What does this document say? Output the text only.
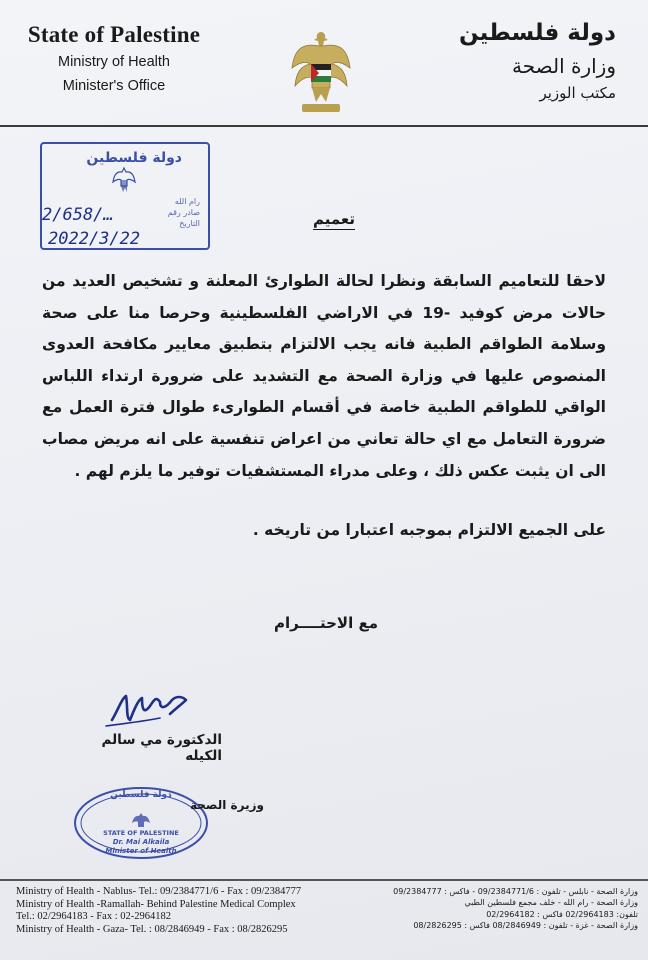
State of Palestine
Ministry of Health
Minister's Office
دولة فلسطين
وزارة الصحة
مكتب الوزير
دولة فلسطين
رام الله
صادر رقم
التاريخ
2/658/…
2022/3/22
تعميم
لاحقا للتعاميم السابقة ونظرا لحالة الطوارئ المعلنة و تشخيص العديد من حالات مرض كوفيد -19 في الاراضي الفلسطينية وحرصا منا على صحة وسلامة الطواقم الطبية فانه يجب الالتزام بتطبيق معايير مكافحة العدوى المنصوص عليها في وزارة الصحة مع التشديد على ضرورة ارتداء اللباس الواقي للطواقم الطبية خاصة في أقسام الطوارىء طوال فترة العمل مع ضرورة التعامل مع اي حالة تعاني من اعراض تنفسية على انه مريض مصاب الى ان يثبت عكس ذلك ، وعلى مدراء المستشفيات توفير ما يلزم لهم .
على الجميع الالتزام بموجبه اعتبارا من تاريخه .
مع الاحتــــرام
الدكتورة مي سالم الكيله
دولة فلسطين
وزيرة الصحة
STATE OF PALESTINE
Dr. Mai Alkaila
Minister of Health
Ministry of Health - Nablus- Tel.: 09/2384771/6 - Fax : 09/2384777
Ministry of Health -Ramallah- Behind Palestine Medical Complex
Tel.: 02/2964183 - Fax : 02-2964182
Ministry of Health - Gaza- Tel. : 08/2846949 - Fax : 08/2826295
وزارة الصحة - نابلس - تلفون : 09/2384771/6 - فاكس : 09/2384777
وزارة الصحة - رام الله - خلف مجمع فلسطين الطبي
تلفون: 02/2964183 فاكس : 02/2964182
وزارة الصحة - غزة - تلفون : 08/2846949 فاكس : 08/2826295
